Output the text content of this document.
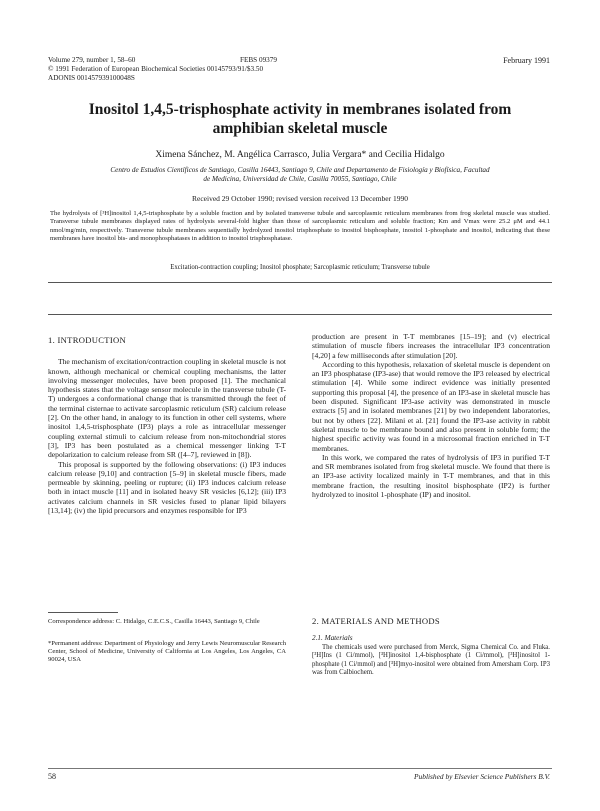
Volume 279, number 1, 58–60
© 1991 Federation of European Biochemical Societies 00145793/91/$3.50
ADONIS 001457939100048S
FEBS 09379	February 1991
Inositol 1,4,5-trisphosphate activity in membranes isolated from
amphibian skeletal muscle
Ximena Sánchez, M. Angélica Carrasco, Julia Vergara* and Cecilia Hidalgo
Centro de Estudios Científicos de Santiago, Casilla 16443, Santiago 9, Chile and Departamento de Fisiología y Biofísica, Facultad
de Medicina, Universidad de Chile, Casilla 70055, Santiago, Chile
Received 29 October 1990; revised version received 13 December 1990
The hydrolysis of [³H]inositol 1,4,5-trisphosphate by a soluble fraction and by isolated transverse tubule and sarcoplasmic reticulum membranes from frog skeletal muscle was studied. Transverse tubule membranes displayed rates of hydrolysis several-fold higher than those of sarcoplasmic reticulum and soluble fraction; Km and Vmax were 25.2 μM and 44.1 nmol/mg/min, respectively. Transverse tubule membranes sequentially hydrolyzed inositol trisphosphate to inositol bisphosphate, inositol 1-phosphate and inositol, indicating that these membranes have inositol bis- and monophosphatases in addition to inositol trisphosphatase.
Excitation-contraction coupling; Inositol phosphate; Sarcoplasmic reticulum; Transverse tubule
1. INTRODUCTION

The mechanism of excitation/contraction coupling in skeletal muscle is not known, although mechanical or chemical coupling mechanisms, the latter involving messenger molecules, have been proposed [1]. The mechanical hypothesis states that the voltage sensor molecule in the transverse tubule (T-T) undergoes a conformational change that is transmitted through the feet of the terminal cisternae to activate sarcoplasmic reticulum (SR) calcium release [2]. On the other hand, in analogy to its function in other cell systems, where inositol 1,4,5-trisphosphate (IP3) plays a role as intracellular messenger coupling external stimuli to calcium release from non-mitochondrial stores [3], IP3 has been postulated as a chemical messenger linking T-T depolarization to calcium release from SR ([4–7], reviewed in [8]).

This proposal is supported by the following observations: (i) IP3 induces calcium release [9,10] and contraction [5–9] in skeletal muscle fibers, made permeable by skinning, peeling or rupture; (ii) IP3 induces calcium release both in intact muscle [11] and in isolated heavy SR vesicles [6,12]; (iii) IP3 activates calcium channels in SR vesicles fused to planar lipid bilayers [13,14]; (iv) the lipid precursors and enzymes responsible for IP3

Correspondence address: C. Hidalgo, C.E.C.S., Casilla 16443, Santiago 9, Chile
*Permanent address: Department of Physiology and Jerry Lewis Neuromuscular Research Center, School of Medicine, University of California at Los Angeles, Los Angeles, CA 90024, USA

production are present in T-T membranes [15–19]; and (v) electrical stimulation of muscle fibers increases the intracellular IP3 concentration [4,20] a few milliseconds after stimulation [20].

According to this hypothesis, relaxation of skeletal muscle is dependent on an IP3 phosphatase (IP3-ase) that would remove the IP3 released by electrical stimulation [4]. While some indirect evidence was initially presented supporting this proposal [4], the presence of an IP3-ase in skeletal muscle has been disputed. Significant IP3-ase activity was demonstrated in muscle extracts [5] and in isolated membranes [21] by two independent laboratories, but not by others [22]. Milani et al. [21] found the IP3-ase activity in rabbit skeletal muscle to be membrane bound and also present in soluble form; the highest specific activity was found in a microsomal fraction enriched in T-T membranes.

In this work, we compared the rates of hydrolysis of IP3 in purified T-T and SR membranes isolated from frog skeletal muscle. We found that there is an IP3-ase activity localized mainly in T-T membranes, and that in this membrane fraction, the resulting inositol bisphosphate (IP2) is further hydrolyzed to inositol 1-phosphate (IP) and inositol.

2. MATERIALS AND METHODS
2.1. Materials
The chemicals used were purchased from Merck, Sigma Chemical Co. and Fluka. [³H]Ins (1 Ci/mmol), [³H]inositol 1,4-bisphosphate (1 Ci/mmol), [³H]inositol 1-phosphate (1 Ci/mmol) and [³H]myo-inositol were obtained from Amersham Corp. IP3 was from Calbiochem.
58	Published by Elsevier Science Publishers B.V.
